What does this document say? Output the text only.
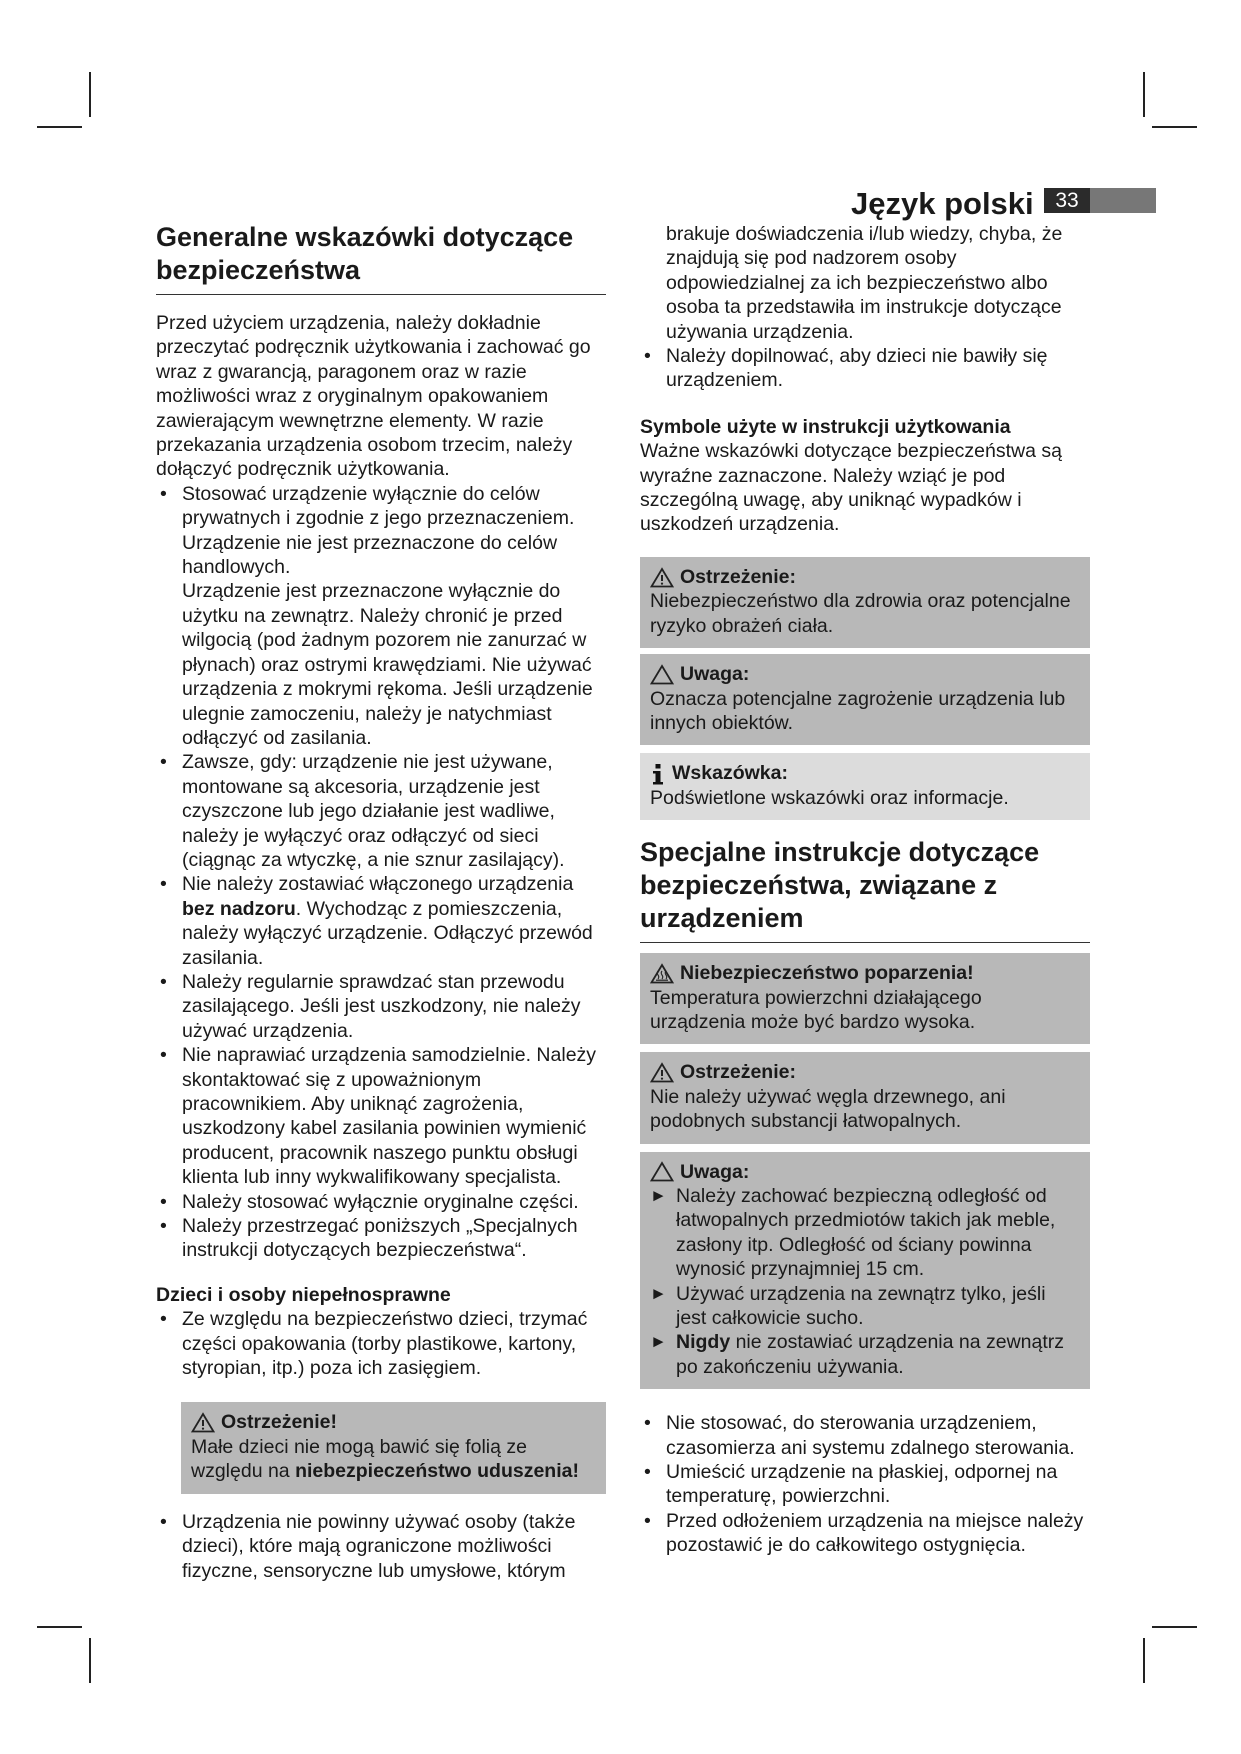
Język polski	33
Generalne wskazówki dotyczące bezpieczeństwa

Przed użyciem urządzenia, należy dokładnie przeczytać podręcznik użytkowania i zachować go wraz z gwarancją, paragonem oraz w razie możliwości wraz z oryginalnym opakowaniem zawierającym wewnętrzne elementy. W razie przekazania urządzenia osobom trzecim, należy dołączyć podręcznik użytkowania.

• Stosować urządzenie wyłącznie do celów prywatnych i zgodnie z jego przeznaczeniem. Urządzenie nie jest przeznaczone do celów handlowych.
Urządzenie jest przeznaczone wyłącznie do użytku na zewnątrz. Należy chronić je przed wilgocią (pod żadnym pozorem nie zanurzać w płynach) oraz ostrymi krawędziami. Nie używać urządzenia z mokrymi rękoma. Jeśli urządzenie ulegnie zamoczeniu, należy je natychmiast odłączyć od zasilania.
• Zawsze, gdy: urządzenie nie jest używane, montowane są akcesoria, urządzenie jest czyszczone lub jego działanie jest wadliwe, należy je wyłączyć oraz odłączyć od sieci (ciągnąc za wtyczkę, a nie sznur zasilający).
• Nie należy zostawiać włączonego urządzenia bez nadzoru. Wychodząc z pomieszczenia, należy wyłączyć urządzenie. Odłączyć przewód zasilania.
• Należy regularnie sprawdzać stan przewodu zasilającego. Jeśli jest uszkodzony, nie należy używać urządzenia.
• Nie naprawiać urządzenia samodzielnie. Należy skontaktować się z upoważnionym pracownikiem. Aby uniknąć zagrożenia, uszkodzony kabel zasilania powinien wymienić producent, pracownik naszego punktu obsługi klienta lub inny wykwalifikowany specjalista.
• Należy stosować wyłącznie oryginalne części.
• Należy przestrzegać poniższych „Specjalnych instrukcji dotyczących bezpieczeństwa“.

Dzieci i osoby niepełnosprawne

• Ze względu na bezpieczeństwo dzieci, trzymać części opakowania (torby plastikowe, kartony, styropian, itp.) poza ich zasięgiem.
Ostrzeżenie!
Małe dzieci nie mogą bawić się folią ze względu na niebezpieczeństwo uduszenia!
• Urządzenia nie powinny używać osoby (także dzieci), które mają ograniczone możliwości fizyczne, sensoryczne lub umysłowe, którym
brakuje doświadczenia i/lub wiedzy, chyba, że znajdują się pod nadzorem osoby odpowiedzialnej za ich bezpieczeństwo albo osoba ta przedstawiła im instrukcje dotyczące używania urządzenia.
• Należy dopilnować, aby dzieci nie bawiły się urządzeniem.

Symbole użyte w instrukcji użytkowania

Ważne wskazówki dotyczące bezpieczeństwa są wyraźne zaznaczone. Należy wziąć je pod szczególną uwagę, aby uniknąć wypadków i uszkodzeń urządzenia.

Ostrzeżenie:
Niebezpieczeństwo dla zdrowia oraz potencjalne ryzyko obrażeń ciała.
Uwaga:
Oznacza potencjalne zagrożenie urządzenia lub innych obiektów.
Wskazówka:
Podświetlone wskazówki oraz informacje.
Specjalne instrukcje dotyczące bezpieczeństwa, związane z urządzeniem
Niebezpieczeństwo poparzenia!
Temperatura powierzchni działającego urządzenia może być bardzo wysoka.
Ostrzeżenie:
Nie należy używać węgla drzewnego, ani podobnych substancji łatwopalnych.
Uwaga:
► Należy zachować bezpieczną odległość od łatwopalnych przedmiotów takich jak meble, zasłony itp. Odległość od ściany powinna wynosić przynajmniej 15 cm.
► Używać urządzenia na zewnątrz tylko, jeśli jest całkowicie sucho.
► Nigdy nie zostawiać urządzenia na zewnątrz po zakończeniu używania.
• Nie stosować, do sterowania urządzeniem, czasomierza ani systemu zdalnego sterowania.
• Umieścić urządzenie na płaskiej, odpornej na temperaturę, powierzchni.
• Przed odłożeniem urządzenia na miejsce należy pozostawić je do całkowitego ostygnięcia.
